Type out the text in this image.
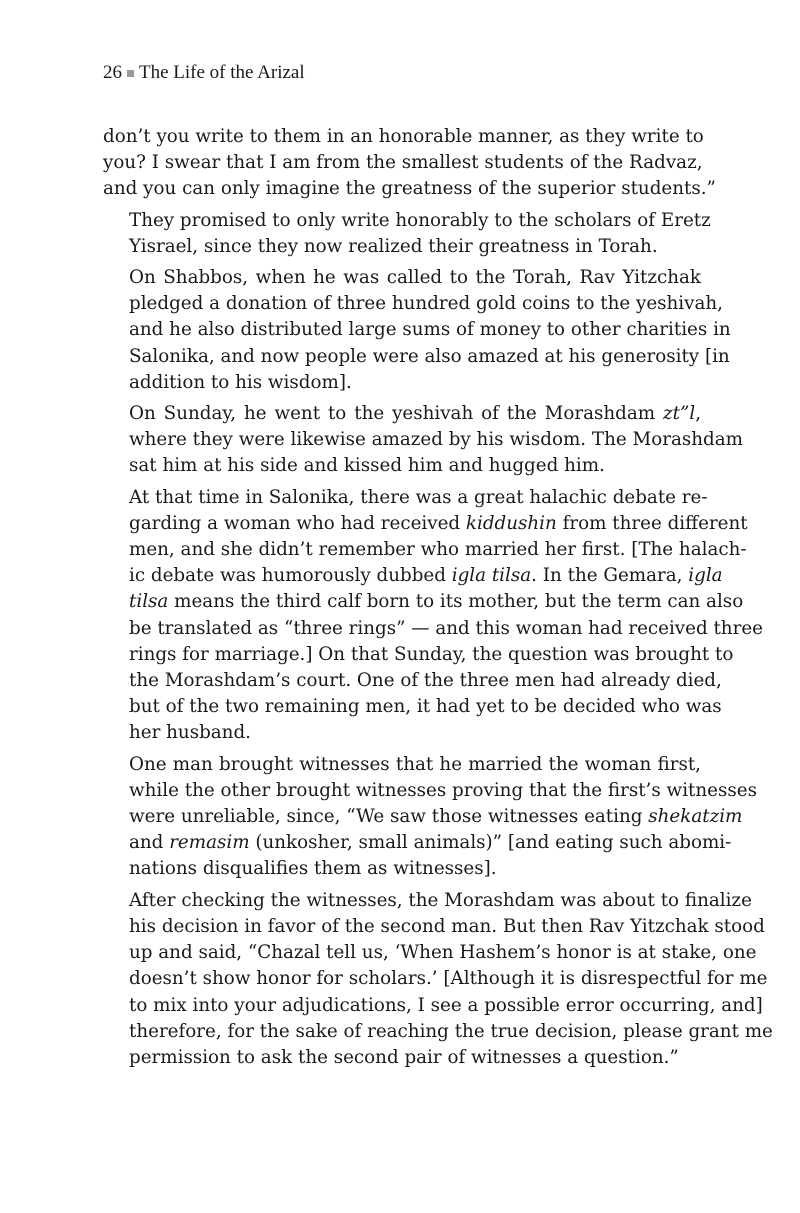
26 The Life of the Arizal
don’t you write to them in an honorable manner, as they write to
you? I swear that I am from the smallest students of the Radvaz,
and you can only imagine the greatness of the superior students.”
They promised to only write honorably to the scholars of Eretz
Yisrael, since they now realized their greatness in Torah.
On Shabbos, when he was called to the Torah, Rav Yitzchak
pledged a donation of three hundred gold coins to the yeshivah,
and he also distributed large sums of money to other charities in
Salonika, and now people were also amazed at his generosity [in
addition to his wisdom].
On Sunday, he went to the yeshivah of the Morashdam zt”l,
where they were likewise amazed by his wisdom. The Morashdam
sat him at his side and kissed him and hugged him.
At that time in Salonika, there was a great halachic debate re-
garding a woman who had received kiddushin from three different
men, and she didn’t remember who married her first. [The halach-
ic debate was humorously dubbed igla tilsa. In the Gemara, igla
tilsa means the third calf born to its mother, but the term can also
be translated as “three rings” — and this woman had received three
rings for marriage.] On that Sunday, the question was brought to
the Morashdam’s court. One of the three men had already died,
but of the two remaining men, it had yet to be decided who was
her husband.
One man brought witnesses that he married the woman first,
while the other brought witnesses proving that the first’s witnesses
were unreliable, since, “We saw those witnesses eating shekatzim
and remasim (unkosher, small animals)” [and eating such abomi-
nations disqualifies them as witnesses].
After checking the witnesses, the Morashdam was about to finalize
his decision in favor of the second man. But then Rav Yitzchak stood
up and said, “Chazal tell us, ‘When Hashem’s honor is at stake, one
doesn’t show honor for scholars.’ [Although it is disrespectful for me
to mix into your adjudications, I see a possible error occurring, and]
therefore, for the sake of reaching the true decision, please grant me
permission to ask the second pair of witnesses a question.”
